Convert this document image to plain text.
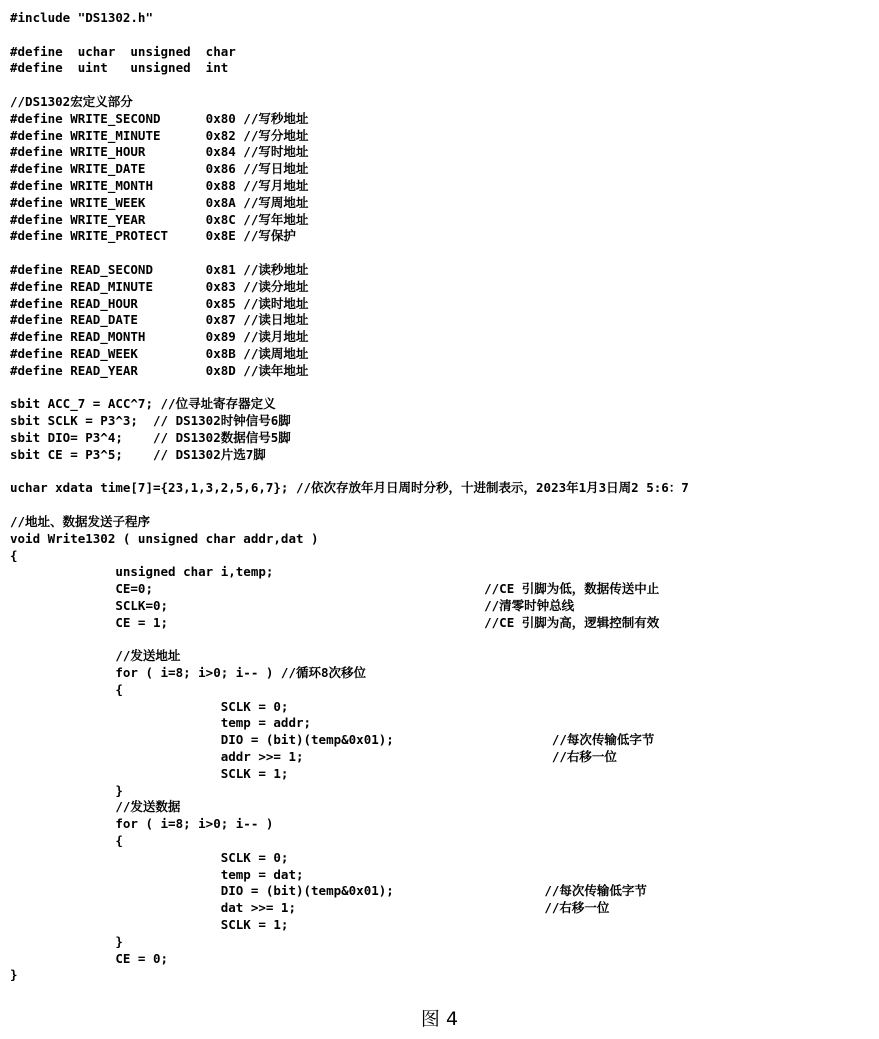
#include "DS1302.h"
#define  uchar  unsigned  char
#define  uint   unsigned  int
//DS1302宏定义部分
#define WRITE_SECOND      0x80 //写秒地址
#define WRITE_MINUTE      0x82 //写分地址
#define WRITE_HOUR        0x84 //写时地址
#define WRITE_DATE        0x86 //写日地址
#define WRITE_MONTH       0x88 //写月地址
#define WRITE_WEEK        0x8A //写周地址
#define WRITE_YEAR        0x8C //写年地址
#define WRITE_PROTECT     0x8E //写保护
#define READ_SECOND       0x81 //读秒地址
#define READ_MINUTE       0x83 //读分地址
#define READ_HOUR         0x85 //读时地址
#define READ_DATE         0x87 //读日地址
#define READ_MONTH        0x89 //读月地址
#define READ_WEEK         0x8B //读周地址
#define READ_YEAR         0x8D //读年地址
sbit ACC_7 = ACC^7; //位寻址寄存器定义
sbit SCLK = P3^3;  // DS1302时钟信号6脚
sbit DIO= P3^4;    // DS1302数据信号5脚
sbit CE = P3^5;    // DS1302片选7脚
uchar xdata time[7]={23,1,3,2,5,6,7}; //依次存放年月日周时分秒，十进制表示，2023年1月3日周2 5:6：7
//地址、数据发送子程序
void Write1302 ( unsigned char addr,dat )
{
unsigned char i,temp;
CE=0;                                            //CE 引脚为低，数据传送中止
SCLK=0;                                          //清零时钟总线
CE = 1;                                          //CE 引脚为高，逻辑控制有效
//发送地址
for ( i=8; i>0; i-- ) //循环8次移位
{
SCLK = 0;
temp = addr;
DIO = (bit)(temp&0x01);                     //每次传输低字节
addr >>= 1;                                 //右移一位
SCLK = 1;
}
//发送数据
for ( i=8; i>0; i-- )
{
SCLK = 0;
temp = dat;
DIO = (bit)(temp&0x01);                    //每次传输低字节
dat >>= 1;                                 //右移一位
SCLK = 1;
}
CE = 0;
}
图 4
